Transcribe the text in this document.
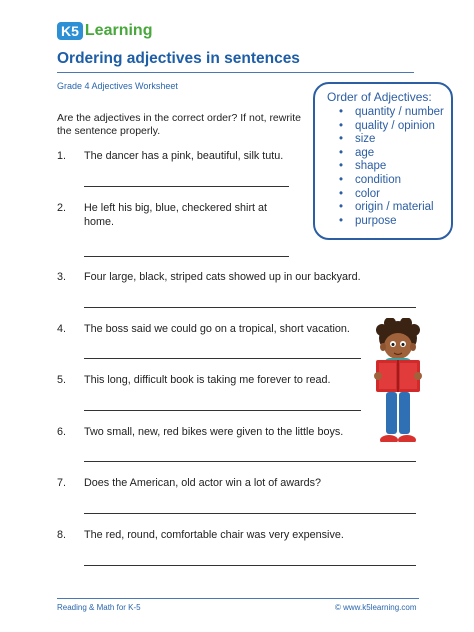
K5 Learning
Ordering adjectives in sentences
Grade 4 Adjectives Worksheet
Order of Adjectives:
• quantity / number
• quality / opinion
• size
• age
• shape
• condition
• color
• origin / material
• purpose
Are the adjectives in the correct order? If not, rewrite the sentence properly.
1.	The dancer has a pink, beautiful, silk tutu.
2.	He left his big, blue, checkered shirt at home.
3.	Four large, black, striped cats showed up in our backyard.
4.	The boss said we could go on a tropical, short vacation.
5.	This long, difficult book is taking me forever to read.
6.	Two small, new, red bikes were given to the little boys.
7.	Does the American, old actor win a lot of awards?
8.	The red, round, comfortable chair was very expensive.
Reading & Math for K-5	© www.k5learning.com
